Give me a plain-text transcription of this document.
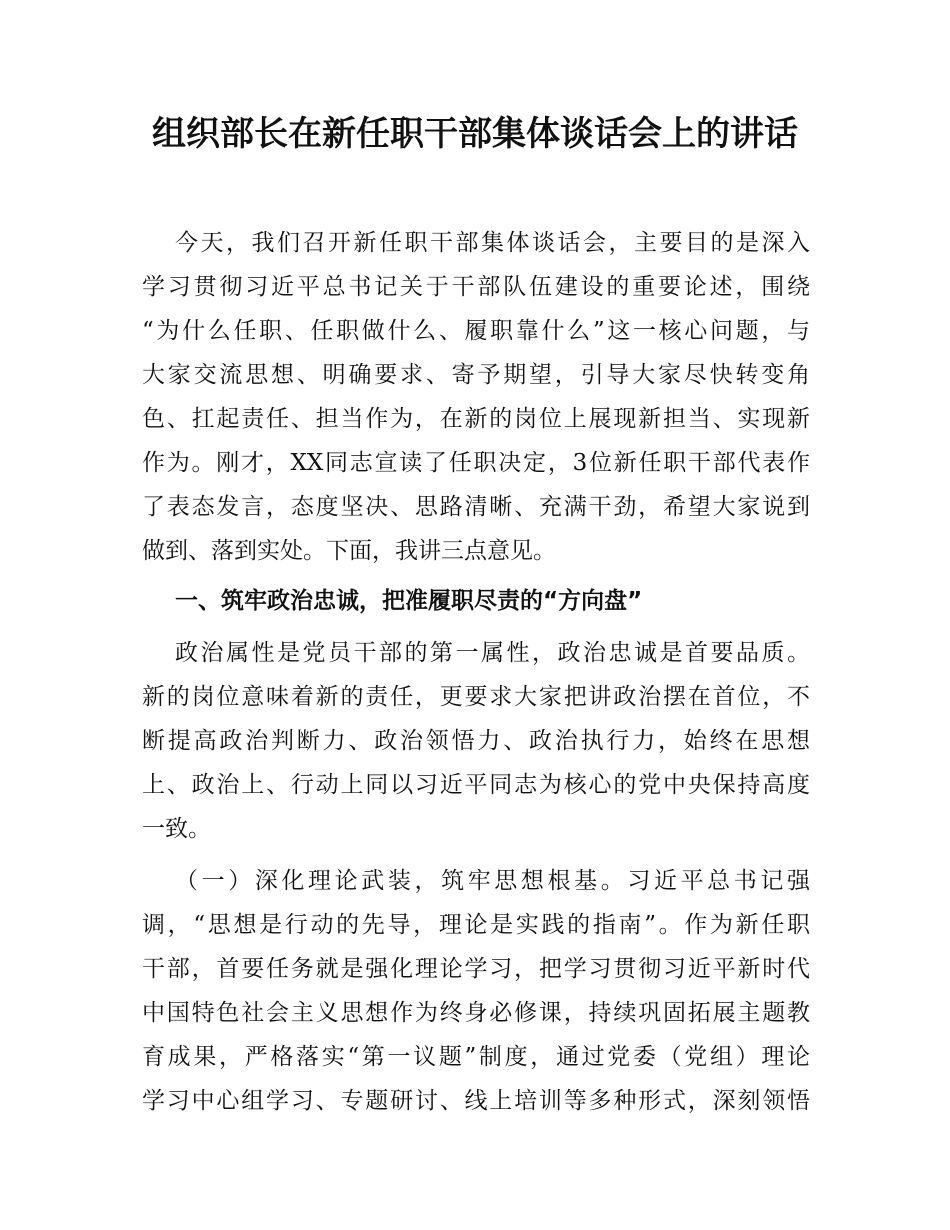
组织部长在新任职干部集体谈话会上的讲话

今天，我们召开新任职干部集体谈话会，主要目的是深入

学习贯彻习近平总书记关于干部队伍建设的重要论述，围绕

“为什么任职、任职做什么、履职靠什么”这一核心问题，与

大家交流思想、明确要求、寄予期望，引导大家尽快转变角

色、扛起责任、担当作为，在新的岗位上展现新担当、实现新

作为。刚才，XX同志宣读了任职决定，3位新任职干部代表作

了表态发言，态度坚决、思路清晰、充满干劲，希望大家说到

做到、落到实处。下面，我讲三点意见。

一、筑牢政治忠诚，把准履职尽责的“方向盘”

政治属性是党员干部的第一属性，政治忠诚是首要品质。

新的岗位意味着新的责任，更要求大家把讲政治摆在首位，不

断提高政治判断力、政治领悟力、政治执行力，始终在思想

上、政治上、行动上同以习近平同志为核心的党中央保持高度

一致。

（一）深化理论武装，筑牢思想根基。习近平总书记强

调，“思想是行动的先导，理论是实践的指南”。作为新任职

干部，首要任务就是强化理论学习，把学习贯彻习近平新时代

中国特色社会主义思想作为终身必修课，持续巩固拓展主题教

育成果，严格落实“第一议题”制度，通过党委（党组）理论

学习中心组学习、专题研讨、线上培训等多种形式，深刻领悟
